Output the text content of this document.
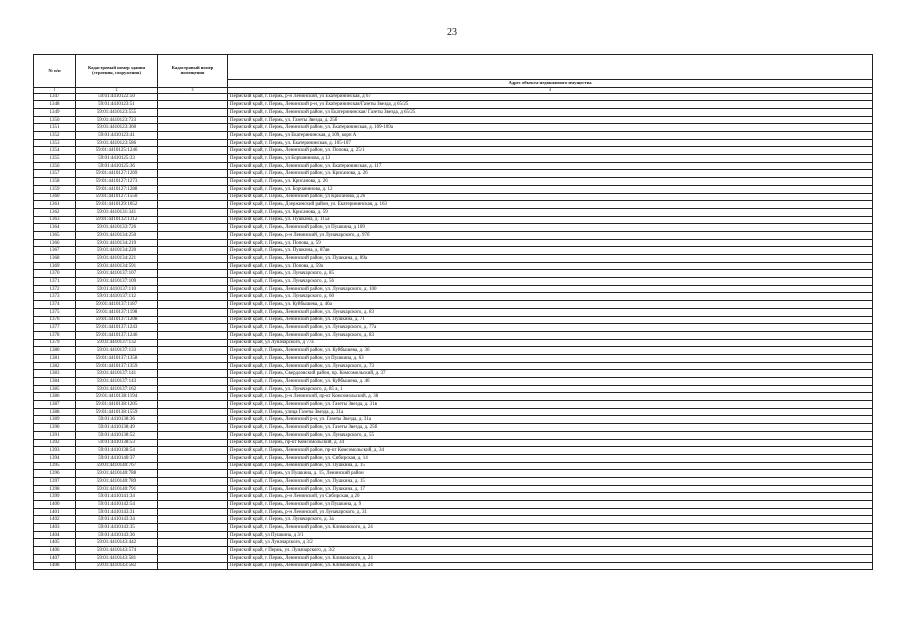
23
№ п/п	Кадастровый номер здания (строения, сооружения)	Кадастровый номер помещения	
			Адрес объекта недвижимого имущества
1	2	3	4
1347	59:01:4410122:50		Пермский край, г. Пермь, р-н Ленинский, ул Екатерининская, д 67
1348	59:01:4410123:51		Пермский край, г. Пермь, Ленинский р-н, ул Екатерининская/Газеты Звезда, д 65/25
1349	59:01:4410123:555		Пермский край, г. Пермь, Ленинский район, ул Екатерининская/ Газеты Звезда, д 65/25
1350	59:01:4410123:723		Пермский край, г. Пермь, ул. Газеты Звезда, д. 25б
1351	59:01:4410123:360		Пермский край, г. Пермь, Ленинский район, ул. Екатерининская, д. 109-109а
1352	59:01:4410123:41		Пермский край, г. Пермь, ул Екатерининская, д 109, корп А
1353	59:01:4410123:586		Пермский край, г. Пермь, ул. Екатерининская, д. 105-107
1354	59:01:4410125:1246		Пермский край, г. Пермь, Ленинский район, ул. Попова, д. 25/1
1355	59:01:4410125:33		Пермский край, г. Пермь, ул Борчанинова, д 13
1356	59:01:4410125:36		Пермский край, г. Пермь, Ленинский район, ул. Екатерининская, д. 117
1357	59:01:4410127:1269		Пермский край, г. Пермь, Ленинский район, ул. Крисанова, д. 26
1358	59:01:4410127:1273		Пермский край, г. Пермь, ул. Крисанова, д. 26
1359	59:01:4410127:1288		Пермский край, г. Пермь, ул. Борчанинова, д. 12
1360	59:01:4410127:1550		Пермский край, г. Пермь, Ленинский район, ул Крисанова, д 26
1361	59:01:4410129:1052		Пермский край, г. Пермь, Дзержинский район, ул. Екатерининская, д. 163
1362	59:01:4410131:341		Пермский край, г. Пермь, ул. Крисанова, д. 59
1363	59:01:4410132:1312		Пермский край, г. Пермь, ул. Пушкина, д. 115а
1364	59:01:4410133:726		Пермский край, г. Пермь, Ленинский район, ул Пушкина, д 109
1365	59:01:4410134:250		Пермский край, г. Пермь, р-н Ленинский, ул Луначарского, д. 97б
1366	59:01:4410134:219		Пермский край, г. Пермь, ул. Попова, д. 59
1367	59:01:4410134:220		Пермский край, г. Пермь, ул. Пушкина, д. 87ав
1368	59:01:4410134:221		Пермский край, г. Пермь, Ленинский район, ул. Пушкина, д. 89а
1369	59:01:4410134:591		Пермский край, г. Пермь, ул. Попова, д. 59а
1370	59:01:4410137:107		Пермский край, г. Пермь, ул. Луначарского, д. 85
1371	59:01:4410137:109		Пермский край, г. Пермь, ул. Луначарского, д. 56
1372	59:01:4410137:110		Пермский край, г. Пермь, Ленинский район, ул. Луначарского, д. 100
1373	59:01:4410137:112		Пермский край, г. Пермь, ул. Луначарского, д. 60
1374	59:01:4410137:1187		Пермский край, г. Пермь, ул. Куйбышева, д. 46а
1375	59:01:4410137:1198		Пермский край, г. Пермь, Ленинский район, ул. Луначарского, д. 83
1376	59:01:4410137:1208		Пермский край, г. Пермь, Ленинский район, ул. Пушкина, д. 71
1377	59:01:4410137:1243		Пермский край, г. Пермь, Ленинский район, ул. Луначарского, д. 77а
1378	59:01:4410137:1246		Пермский край, г. Пермь, Ленинский район, ул. Луначарского, д. 83
1379	59:01:4410137:132		Пермский край, ул Луначарского, д 77а
1380	59:01:4410137:133		Пермский край, г. Пермь, Ленинский район, ул. Куйбышева, д. 36
1381	59:01:4410137:1358		Пермский край, г. Пермь, Ленинский район, ул Пушкина, д. 63
1382	59:01:4410137:1359		Пермский край, г. Пермь, Ленинский район, ул. Луначарского, д. 73
1383	59:01:4410137:141		Пермский край, г. Пермь, Свердловский район, пр. Комсомольский, д. 37
1384	59:01:4410137:143		Пермский край, г. Пермь, Ленинский район, ул. Куйбышева, д. 46
1385	59:01:4410137:162		Пермский край, г. Пермь, ул. Луначарского, д. 85 а, 1
1386	59:01:4410138:1194		Пермский край, г. Пермь, р-н Ленинский, пр-кт Комсомольский, д. 38
1387	59:01:4410138:1205		Пермский край, г. Пермь, Ленинский район, ул. Газеты Звезда, д. 31в
1388	59:01:4410138:1559		Пермский край, г. Пермь, улица Газеты Звезда, д. 31а
1389	59:01:4410138:36		Пермский край, г. Пермь, Ленинский р-н, ул. Газеты Звезда, д. 31а
1390	59:01:4410138:49		Пермский край, г. Пермь, Ленинский район, ул. Газеты Звезда, д. 25б
1391	59:01:4410138:52		Пермский край, г. Пермь, Ленинский район, ул. Луначарского, д. 55
1392	59:01:4410138:53		Пермский край, г. Пермь, пр-кт Комсомольский, д. 34
1393	59:01:4410138:54		Пермский край, г. Пермь, Ленинский район, пр-кт Комсомольский, д. 34
1394	59:01:4410140:37		Пермский край, г. Пермь, Ленинский район, ул. Сибирская, д. 14
1395	59:01:4410140:767		Пермский край, г. Пермь, Ленинский район, ул. Пушкина, д. 15
1396	59:01:4410140:788		Пермский край, г. Пермь, ул Пушкина, д. 15, Ленинский район
1397	59:01:4410140:789		Пермский край, г. Пермь, Ленинский район, ул. Пушкина, д. 15
1398	59:01:4410140:791		Пермский край, г. Пермь, Ленинский район, ул. Пушкина, д. 17
1399	59:01:4410141:34		Пермский край, г. Пермь, р-н Ленинский, ул Сибирская, д 20
1400	59:01:4410142:54		Пермский край, г. Пермь, Ленинский район, ул Пушкина, д. 9
1401	59:01:4410143:31		Пермский край, г. Пермь, р-н Ленинский, ул Луначарского, д. 31
1402	59:01:4410143:34		Пермский край, г. Пермь, ул. Луначарского, д. 3а
1403	59:01:4410143:35		Пермский край, г. Пермь, Ленинский район, ул. Климовского, д. 24
1404	59:01:4410143:36		Пермский край, ул Пушкина, д 3/1
1405	59:01:4410143:442		Пермский край, ул Луначарского, д 3/2
1406	59:01:4410143:574		Пермский край, г Пермь, ул. Луначарского, д. 3/2
1407	59:01:4410143:581		Пермский край, г. Пермь, Ленинский район, ул. Климовского, д. 24
1408	59:01:4410143:582		Пермский край, г. Пермь, Ленинский район, ул. Климовского, д. 24
